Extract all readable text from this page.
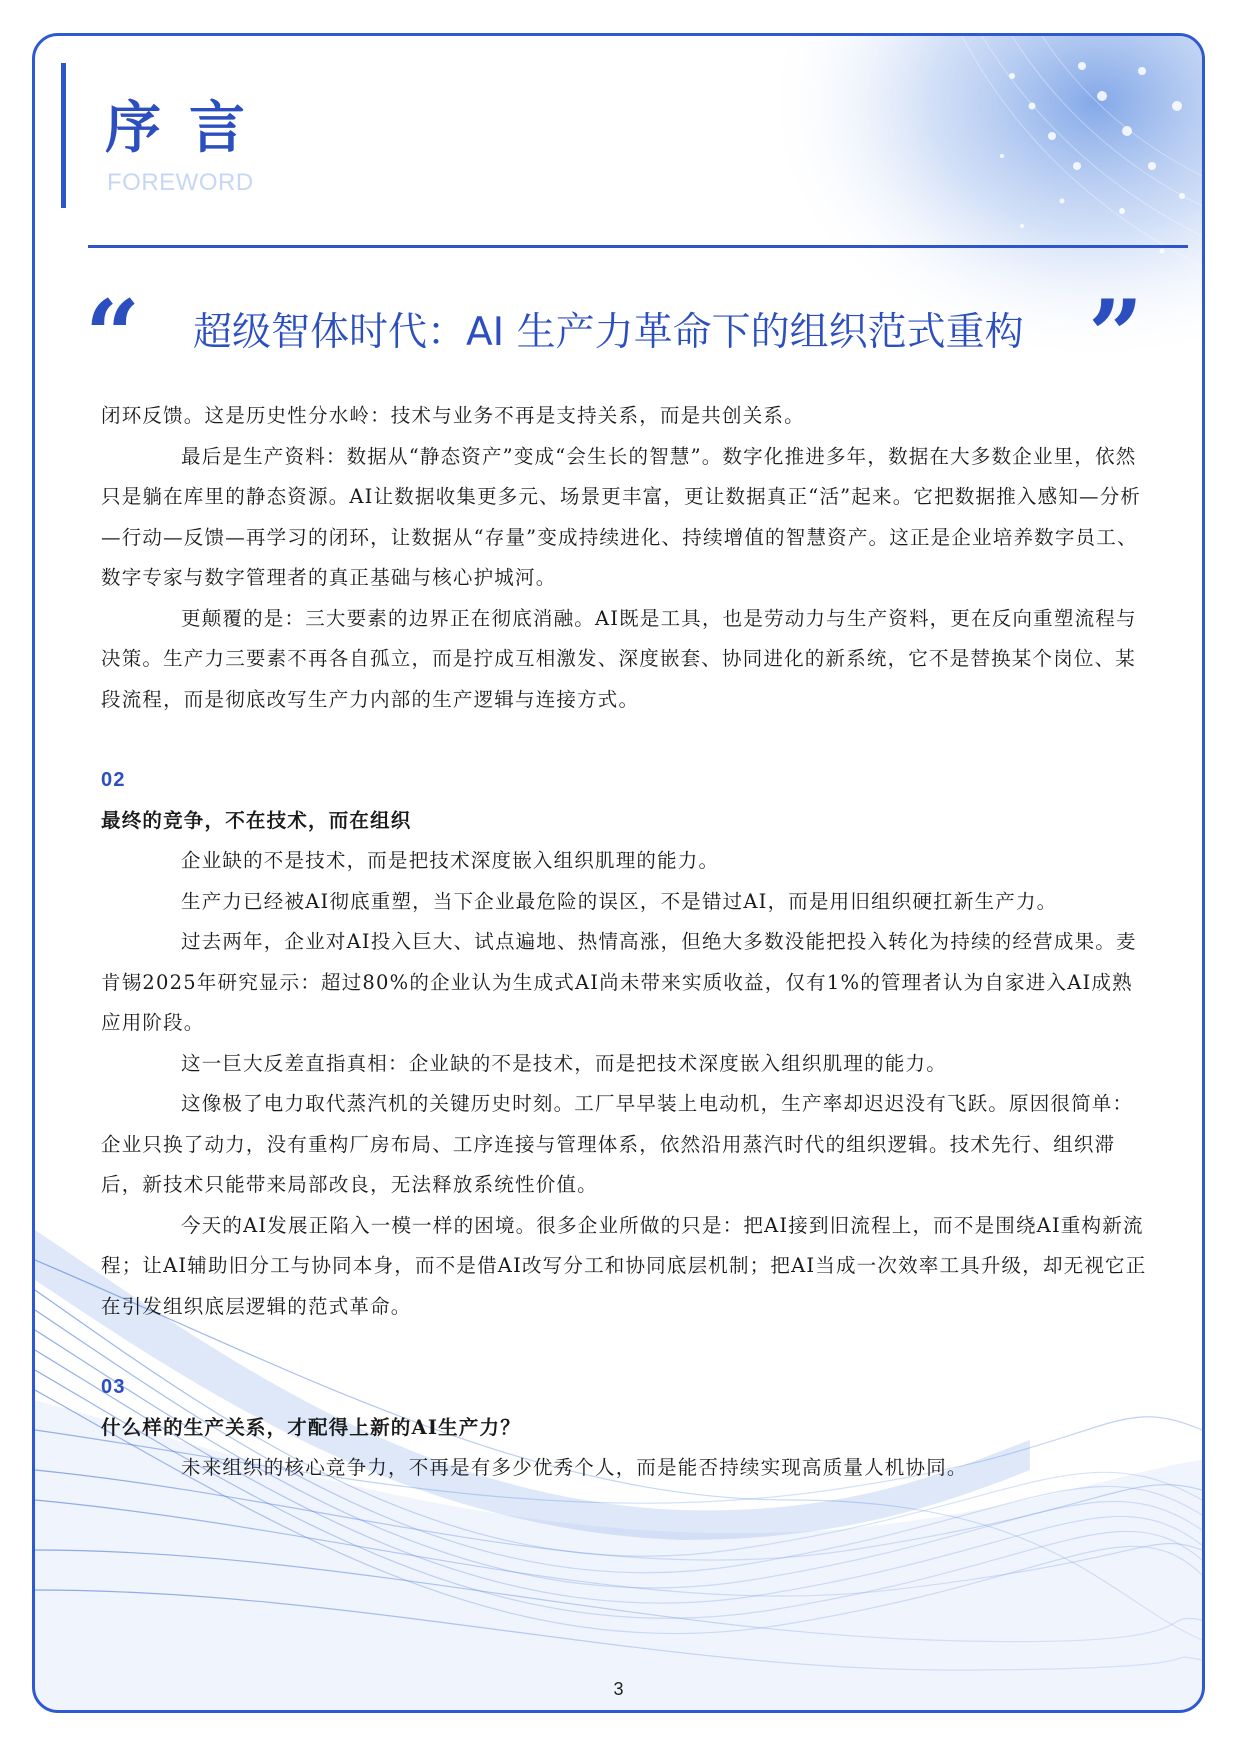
序言
FOREWORD
“ 超级智体时代：AI 生产力革命下的组织范式重构 ”

闭环反馈。这是历史性分水岭：技术与业务不再是支持关系，而是共创关系。

最后是生产资料：数据从“静态资产”变成“会生长的智慧”。数字化推进多年，数据在大多数企业里，依然只是躺在库里的静态资源。AI让数据收集更多元、场景更丰富，更让数据真正“活”起来。它把数据推入感知—分析—行动—反馈—再学习的闭环，让数据从“存量”变成持续进化、持续增值的智慧资产。这正是企业培养数字员工、数字专家与数字管理者的真正基础与核心护城河。

更颠覆的是：三大要素的边界正在彻底消融。AI既是工具，也是劳动力与生产资料，更在反向重塑流程与决策。生产力三要素不再各自孤立，而是拧成互相激发、深度嵌套、协同进化的新系统，它不是替换某个岗位、某段流程，而是彻底改写生产力内部的生产逻辑与连接方式。

02

最终的竞争，不在技术，而在组织

企业缺的不是技术，而是把技术深度嵌入组织肌理的能力。

生产力已经被AI彻底重塑，当下企业最危险的误区，不是错过AI，而是用旧组织硬扛新生产力。

过去两年，企业对AI投入巨大、试点遍地、热情高涨，但绝大多数没能把投入转化为持续的经营成果。麦肯锡2025年研究显示：超过80%的企业认为生成式AI尚未带来实质收益，仅有1%的管理者认为自家进入AI成熟应用阶段。

这一巨大反差直指真相：企业缺的不是技术，而是把技术深度嵌入组织肌理的能力。

这像极了电力取代蒸汽机的关键历史时刻。工厂早早装上电动机，生产率却迟迟没有飞跃。原因很简单：企业只换了动力，没有重构厂房布局、工序连接与管理体系，依然沿用蒸汽时代的组织逻辑。技术先行、组织滞后，新技术只能带来局部改良，无法释放系统性价值。

今天的AI发展正陷入一模一样的困境。很多企业所做的只是：把AI接到旧流程上，而不是围绕AI重构新流程；让AI辅助旧分工与协同本身，而不是借AI改写分工和协同底层机制；把AI当成一次效率工具升级，却无视它正在引发组织底层逻辑的范式革命。

03

什么样的生产关系，才配得上新的AI生产力？

未来组织的核心竞争力，不再是有多少优秀个人，而是能否持续实现高质量人机协同。

3
